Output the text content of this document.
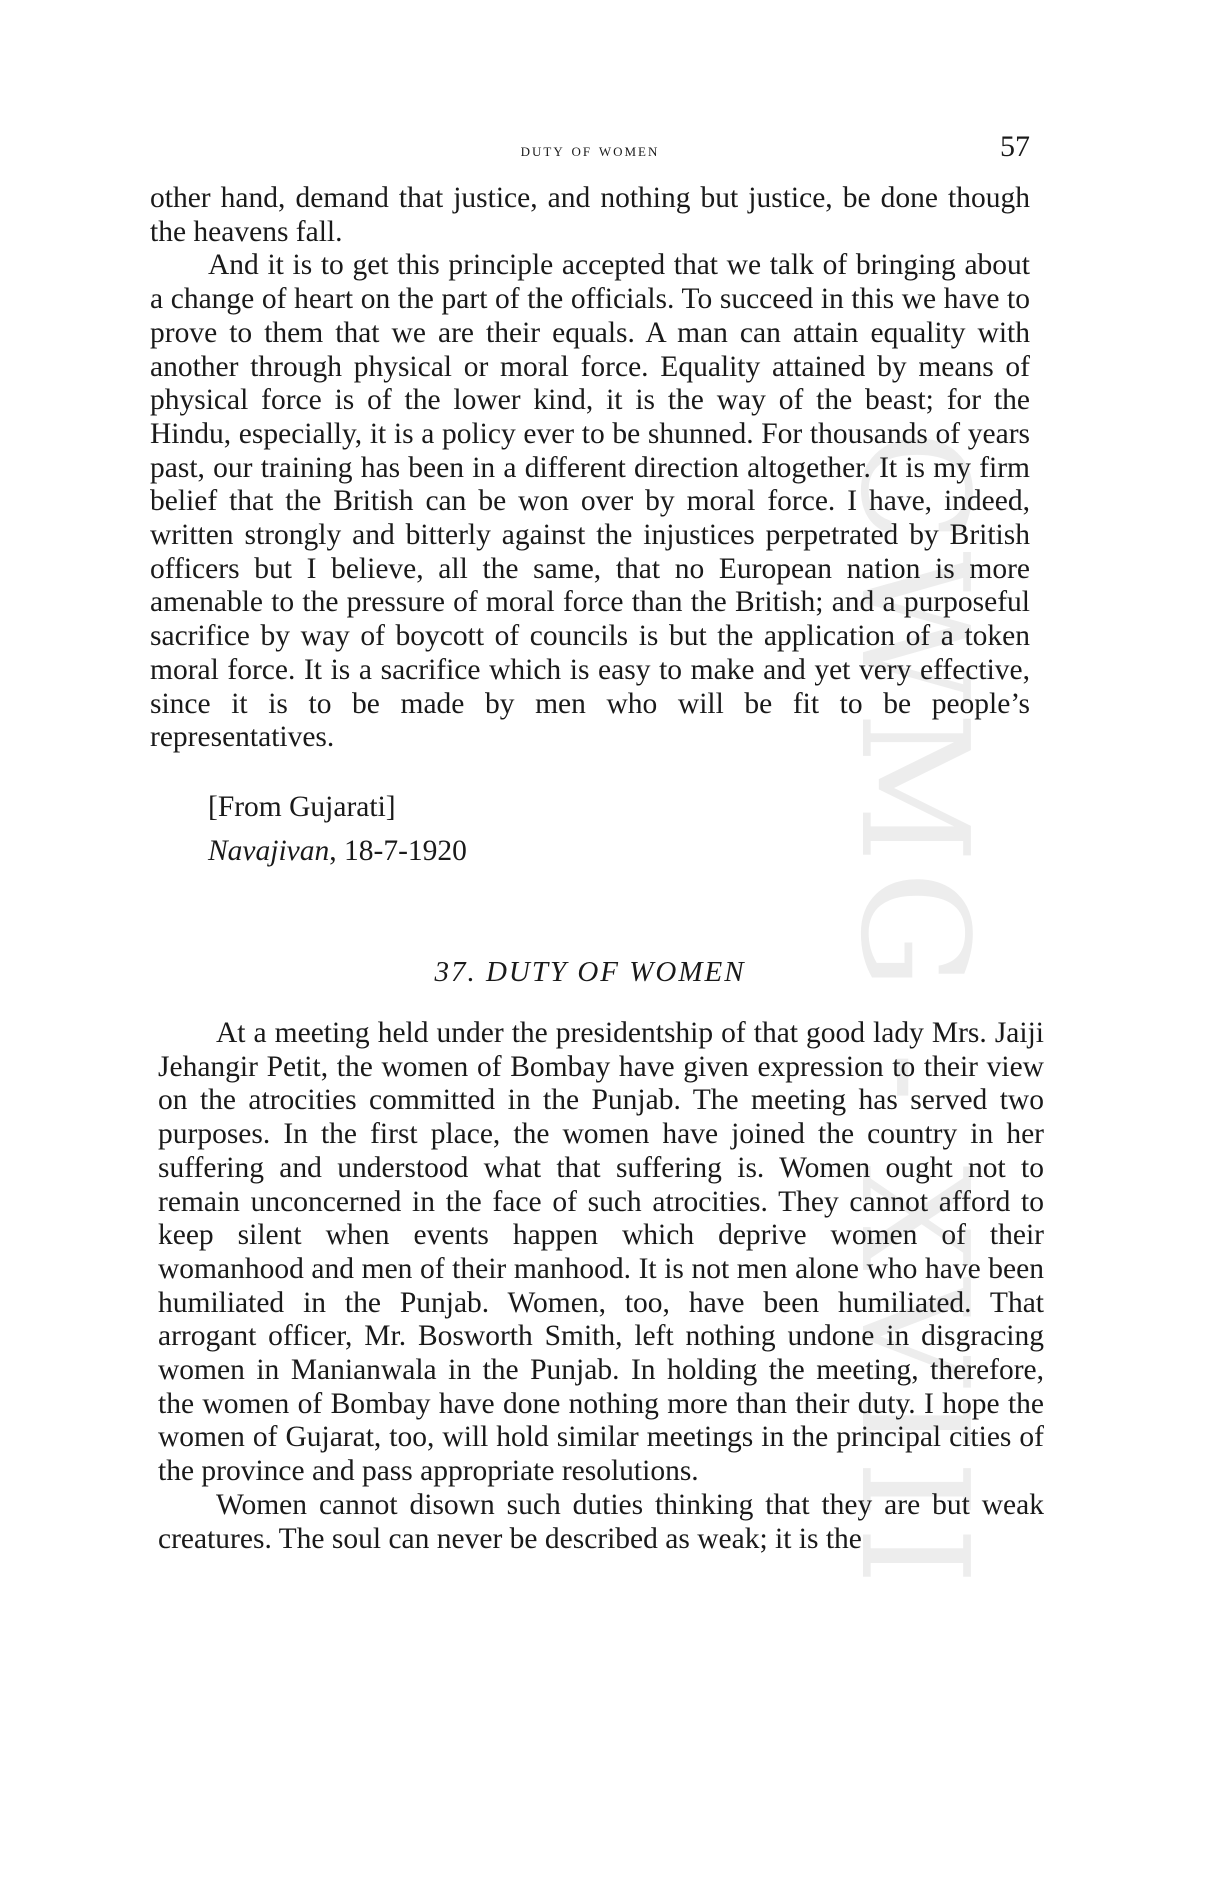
CWMG - XVIII
duty of women	57

other hand, demand that justice, and nothing but justice, be done though the heavens fall.

And it is to get this principle accepted that we talk of bringing about a change of heart on the part of the officials. To succeed in this we have to prove to them that we are their equals. A man can attain equality with another through physical or moral force. Equality attained by means of physical force is of the lower kind, it is the way of the beast; for the Hindu, especially, it is a policy ever to be shunned. For thousands of years past, our training has been in a different direction altogether. It is my firm belief that the British can be won over by moral force. I have, indeed, written strongly and bitterly against the injustices perpetrated by British officers but I believe, all the same, that no European nation is more amenable to the pressure of moral force than the British; and a purposeful sacrifice by way of boycott of councils is but the application of a token moral force. It is a sacrifice which is easy to make and yet very effective, since it is to be made by men who will be fit to be people’s representatives.

[From Gujarati]
Navajivan, 18-7-1920
37. DUTY OF WOMEN

At a meeting held under the presidentship of that good lady Mrs. Jaiji Jehangir Petit, the women of Bombay have given expression to their view on the atrocities committed in the Punjab. The meeting has served two purposes. In the first place, the women have joined the country in her suffering and understood what that suffering is. Women ought not to remain unconcerned in the face of such atrocities. They cannot afford to keep silent when events happen which deprive women of their womanhood and men of their manhood. It is not men alone who have been humiliated in the Punjab. Women, too, have been humiliated. That arrogant officer, Mr. Bosworth Smith, left nothing undone in disgracing women in Manianwala in the Punjab. In holding the meeting, therefore, the women of Bombay have done nothing more than their duty. I hope the women of Gujarat, too, will hold similar meetings in the principal cities of the province and pass appropriate resolutions.

Women cannot disown such duties thinking that they are but weak creatures. The soul can never be described as weak; it is the
